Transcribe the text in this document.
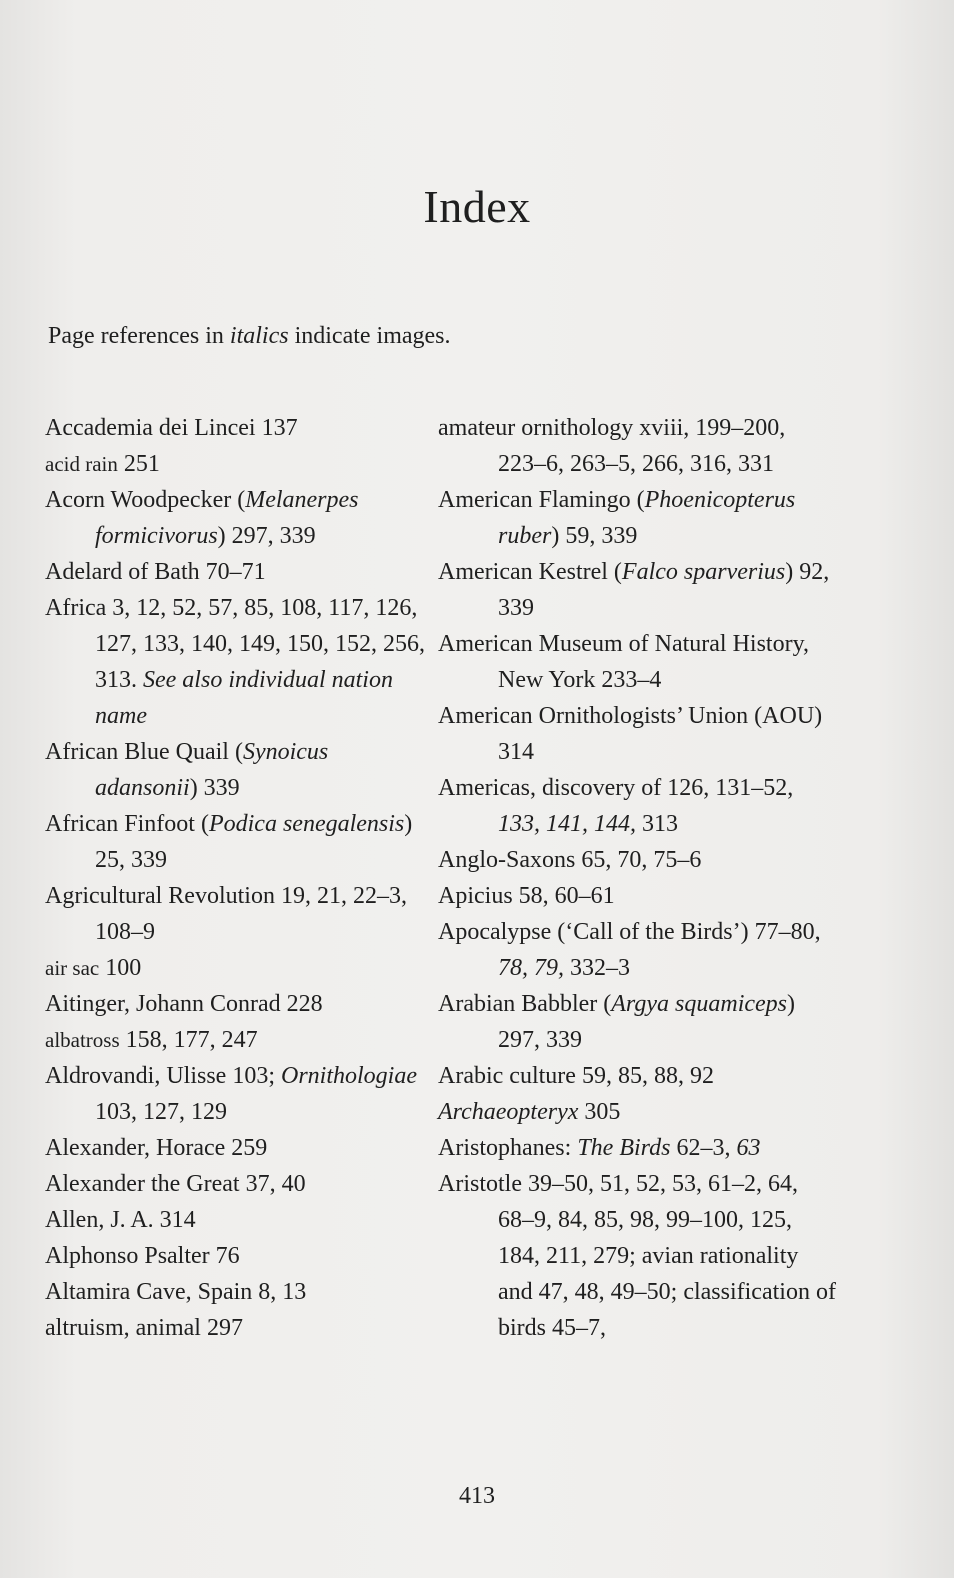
Index
Page references in italics indicate images.
Accademia dei Lincei 137
acid rain 251
Acorn Woodpecker (Melanerpes formicivorus) 297, 339
Adelard of Bath 70–71
Africa 3, 12, 52, 57, 85, 108, 117, 126, 127, 133, 140, 149, 150, 152, 256, 313. See also individual nation name
African Blue Quail (Synoicus adansonii) 339
African Finfoot (Podica senegalensis) 25, 339
Agricultural Revolution 19, 21, 22–3, 108–9
air sac 100
Aitinger, Johann Conrad 228
albatross 158, 177, 247
Aldrovandi, Ulisse 103; Ornithologiae 103, 127, 129
Alexander, Horace 259
Alexander the Great 37, 40
Allen, J. A. 314
Alphonso Psalter 76
Altamira Cave, Spain 8, 13
altruism, animal 297
amateur ornithology xviii, 199–200, 223–6, 263–5, 266, 316, 331
American Flamingo (Phoenicopterus ruber) 59, 339
American Kestrel (Falco sparverius) 92, 339
American Museum of Natural History, New York 233–4
American Ornithologists’ Union (AOU) 314
Americas, discovery of 126, 131–52, 133, 141, 144, 313
Anglo-Saxons 65, 70, 75–6
Apicius 58, 60–61
Apocalypse (‘Call of the Birds’) 77–80, 78, 79, 332–3
Arabian Babbler (Argya squamiceps) 297, 339
Arabic culture 59, 85, 88, 92
Archaeopteryx 305
Aristophanes: The Birds 62–3, 63
Aristotle 39–50, 51, 52, 53, 61–2, 64, 68–9, 84, 85, 98, 99–100, 125, 184, 211, 279; avian rationality and 47, 48, 49–50; classification of birds 45–7,
413
